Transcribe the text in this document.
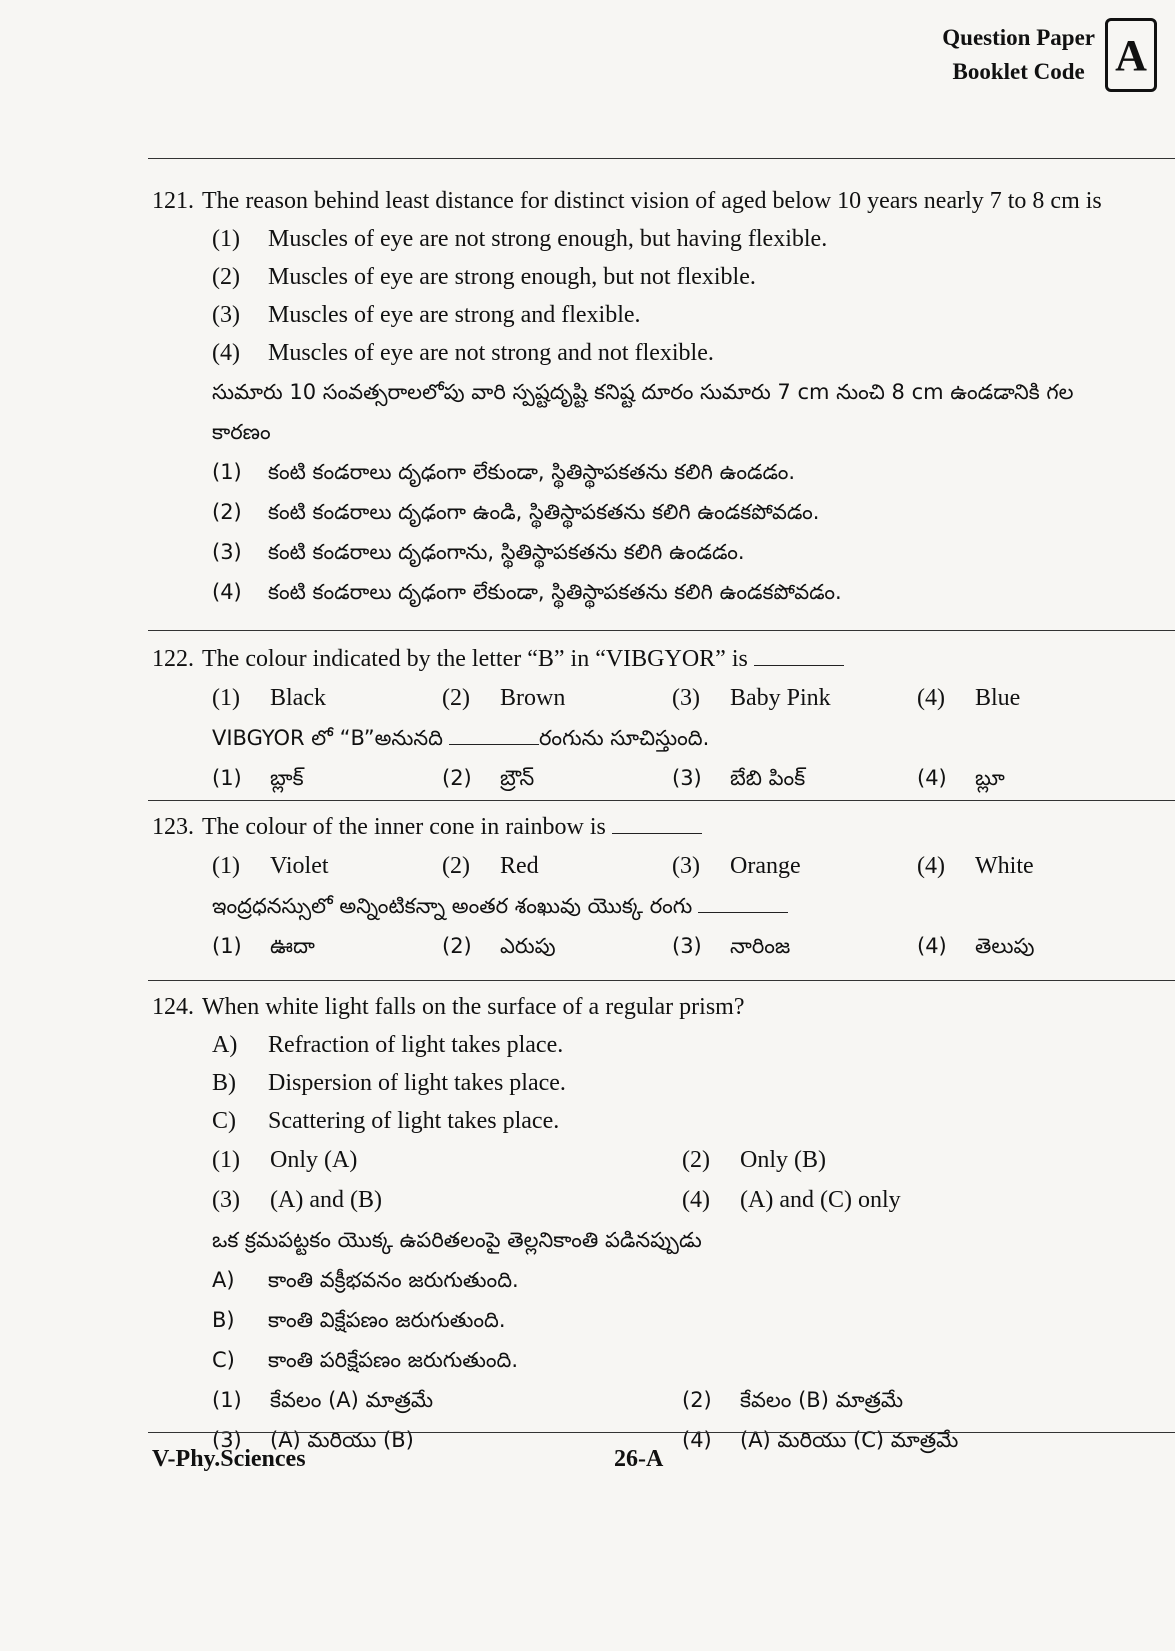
Question Paper
Booklet Code A
121. The reason behind least distance for distinct vision of aged below 10 years nearly 7 to 8 cm is
(1)	Muscles of eye are not strong enough, but having flexible.
(2)	Muscles of eye are strong enough, but not flexible.
(3)	Muscles of eye are strong and flexible.
(4)	Muscles of eye are not strong and not flexible.
సుమారు 10 సంవత్సరాలలోపు వారి స్పష్టదృష్టి కనిష్ట దూరం సుమారు 7 cm నుంచి 8 cm ఉండడానికి గల కారణం
(1)	కంటి కండరాలు దృఢంగా లేకుండా, స్థితిస్థాపకతను కలిగి ఉండడం.
(2)	కంటి కండరాలు దృఢంగా ఉండి, స్థితిస్థాపకతను కలిగి ఉండకపోవడం.
(3)	కంటి కండరాలు దృఢంగాను, స్థితిస్థాపకతను కలిగి ఉండడం.
(4)	కంటి కండరాలు దృఢంగా లేకుండా, స్థితిస్థాపకతను కలిగి ఉండకపోవడం.
122. The colour indicated by the letter “B” in “VIBGYOR” is
(1)	Black	(2)	Brown	(3)	Baby Pink	(4)	Blue
VIBGYOR లో “B”అనునది	రంగును సూచిస్తుంది.
(1)	బ్లాక్	(2)	బ్రౌన్	(3)	బేబి పింక్	(4)	బ్లూ
123. The colour of the inner cone in rainbow is
(1)	Violet	(2)	Red	(3)	Orange	(4)	White
ఇంద్రధనస్సులో అన్నింటికన్నా అంతర శంఖువు యొక్క రంగు
(1)	ఊదా	(2)	ఎరుపు	(3)	నారింజ	(4)	తెలుపు
124. When white light falls on the surface of a regular prism?
A)	Refraction of light takes place.
B)	Dispersion of light takes place.
C)	Scattering of light takes place.
(1)	Only (A)	(2)	Only (B)
(3)	(A) and (B)	(4)	(A) and (C) only
ఒక క్రమపట్టకం యొక్క ఉపరితలంపై తెల్లనికాంతి పడినప్పుడు
A)	కాంతి వక్రీభవనం జరుగుతుంది.
B)	కాంతి విక్షేపణం జరుగుతుంది.
C)	కాంతి పరిక్షేపణం జరుగుతుంది.
(1)	కేవలం (A) మాత్రమే	(2)	కేవలం (B) మాత్రమే
(3)	(A) మరియు (B)	(4)	(A) మరియు (C) మాత్రమే
V-Phy.Sciences	26-A
